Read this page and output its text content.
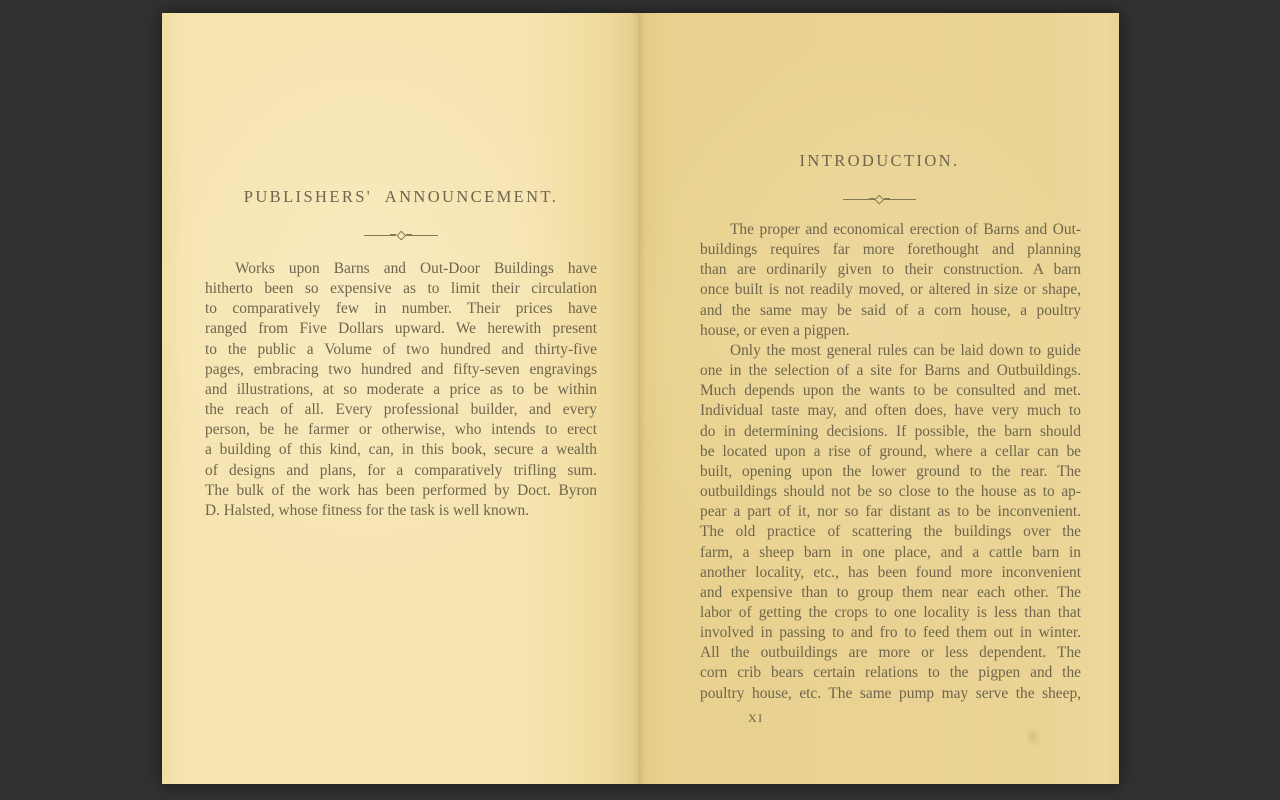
PUBLISHERS' ANNOUNCEMENT.
Works upon Barns and Out-Door Buildings have
hitherto been so expensive as to limit their circulation
to comparatively few in number. Their prices have
ranged from Five Dollars upward. We herewith present
to the public a Volume of two hundred and thirty-five
pages, embracing two hundred and fifty-seven engravings
and illustrations, at so moderate a price as to be within
the reach of all. Every professional builder, and every
person, be he farmer or otherwise, who intends to erect
a building of this kind, can, in this book, secure a wealth
of designs and plans, for a comparatively trifling sum.
The bulk of the work has been performed by Doct. Byron
D. Halsted, whose fitness for the task is well known.
INTRODUCTION.
The proper and economical erection of Barns and Out-
buildings requires far more forethought and planning
than are ordinarily given to their construction. A barn
once built is not readily moved, or altered in size or shape,
and the same may be said of a corn house, a poultry
house, or even a pigpen.
Only the most general rules can be laid down to guide
one in the selection of a site for Barns and Outbuildings.
Much depends upon the wants to be consulted and met.
Individual taste may, and often does, have very much to
do in determining decisions. If possible, the barn should
be located upon a rise of ground, where a cellar can be
built, opening upon the lower ground to the rear. The
outbuildings should not be so close to the house as to ap-
pear a part of it, nor so far distant as to be inconvenient.
The old practice of scattering the buildings over the
farm, a sheep barn in one place, and a cattle barn in
another locality, etc., has been found more inconvenient
and expensive than to group them near each other. The
labor of getting the crops to one locality is less than that
involved in passing to and fro to feed them out in winter.
All the outbuildings are more or less dependent. The
corn crib bears certain relations to the pigpen and the
poultry house, etc. The same pump may serve the sheep,
XI
